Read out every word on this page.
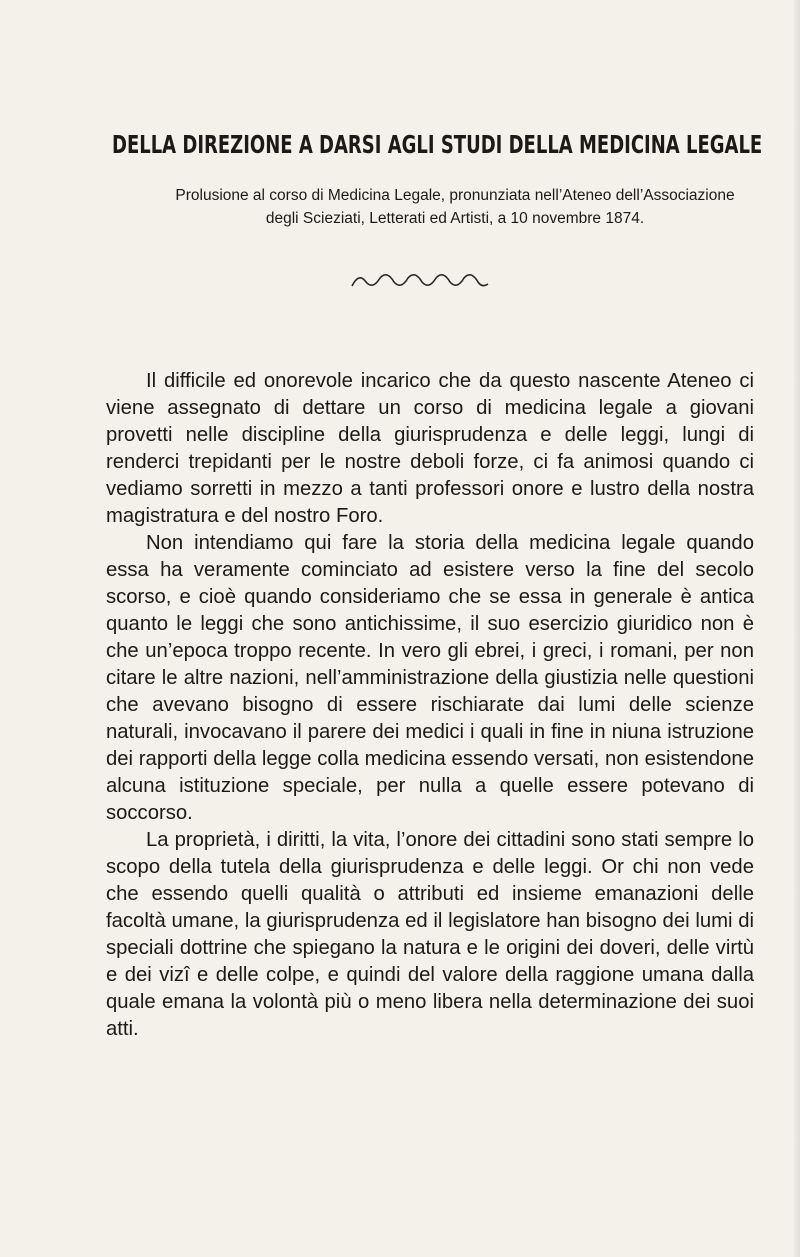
DELLA DIREZIONE A DARSI AGLI STUDI DELLA MEDICINA LEGALE
Prolusione al corso di Medicina Legale, pronunziata nell’Ateneo dell’Associazione degli Scieziati, Letterati ed Artisti, a 10 novembre 1874.

Il difficile ed onorevole incarico che da questo nascente Ateneo ci viene assegnato di dettare un corso di medicina legale a giovani provetti nelle discipline della giurisprudenza e delle leggi, lungi di renderci trepidanti per le nostre deboli forze, ci fa animosi quando ci vediamo sorretti in mezzo a tanti professori onore e lustro della nostra magistratura e del nostro Foro.

Non intendiamo qui fare la storia della medicina legale quando essa ha veramente cominciato ad esistere verso la fine del secolo scorso, e cioè quando consideriamo che se essa in generale è antica quanto le leggi che sono antichissime, il suo esercizio giuridico non è che un’epoca troppo recente. In vero gli ebrei, i greci, i romani, per non citare le altre nazioni, nell’amministrazione della giustizia nelle questioni che avevano bisogno di essere rischiarate dai lumi delle scienze naturali, invocavano il parere dei medici i quali in fine in niuna istruzione dei rapporti della legge colla medicina essendo versati, non esistendone alcuna istituzione speciale, per nulla a quelle essere potevano di soccorso.

La proprietà, i diritti, la vita, l’onore dei cittadini sono stati sempre lo scopo della tutela della giurisprudenza e delle leggi. Or chi non vede che essendo quelli qualità o attributi ed insieme emanazioni delle facoltà umane, la giurisprudenza ed il legislatore han bisogno dei lumi di speciali dottrine che spiegano la natura e le origini dei doveri, delle virtù e dei vizî e delle colpe, e quindi del valore della raggione umana dalla quale emana la volontà più o meno libera nella determinazione dei suoi atti.
